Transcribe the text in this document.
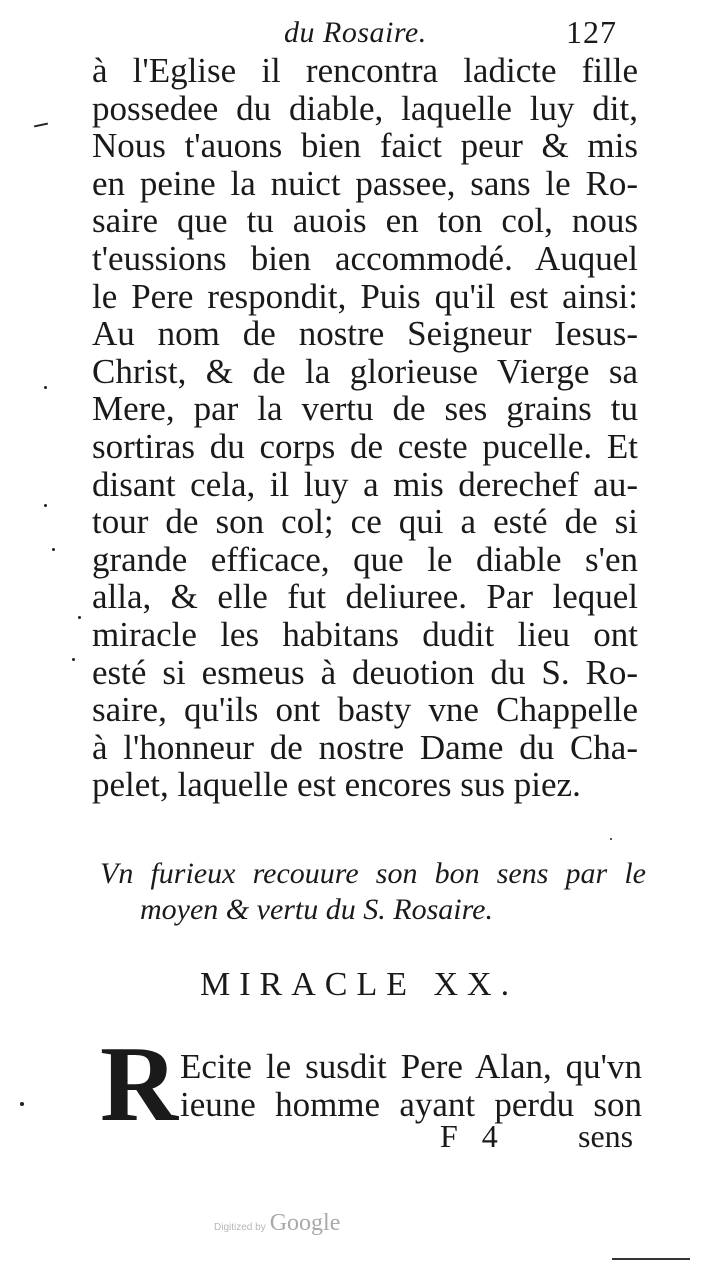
du Rosaire.	127
à l'Eglise il rencontra ladicte fille
possedee du diable, laquelle luy dit,
Nous t'auons bien faict peur & mis
en peine la nuict passee, sans le Ro-
saire que tu auois en ton col, nous
t'eussions bien accommodé. Auquel
le Pere respondit, Puis qu'il est ainsi:
Au nom de nostre Seigneur Iesus-
Christ, & de la glorieuse Vierge sa
Mere, par la vertu de ses grains tu
sortiras du corps de ceste pucelle. Et
disant cela, il luy a mis derechef au-
tour de son col; ce qui a esté de si
grande efficace, que le diable s'en
alla, & elle fut deliuree. Par lequel
miracle les habitans dudit lieu ont
esté si esmeus à deuotion du S. Ro-
saire, qu'ils ont basty vne Chappelle
à l'honneur de nostre Dame du Cha-
pelet, laquelle est encores sus piez.
Vn furieux recouure son bon sens par le
moyen & vertu du S. Rosaire.
MIRACLE XX.
R Ecite le susdit Pere Alan, qu'vn
ieune homme ayant perdu son
F 4 sens
Digitized by Google
